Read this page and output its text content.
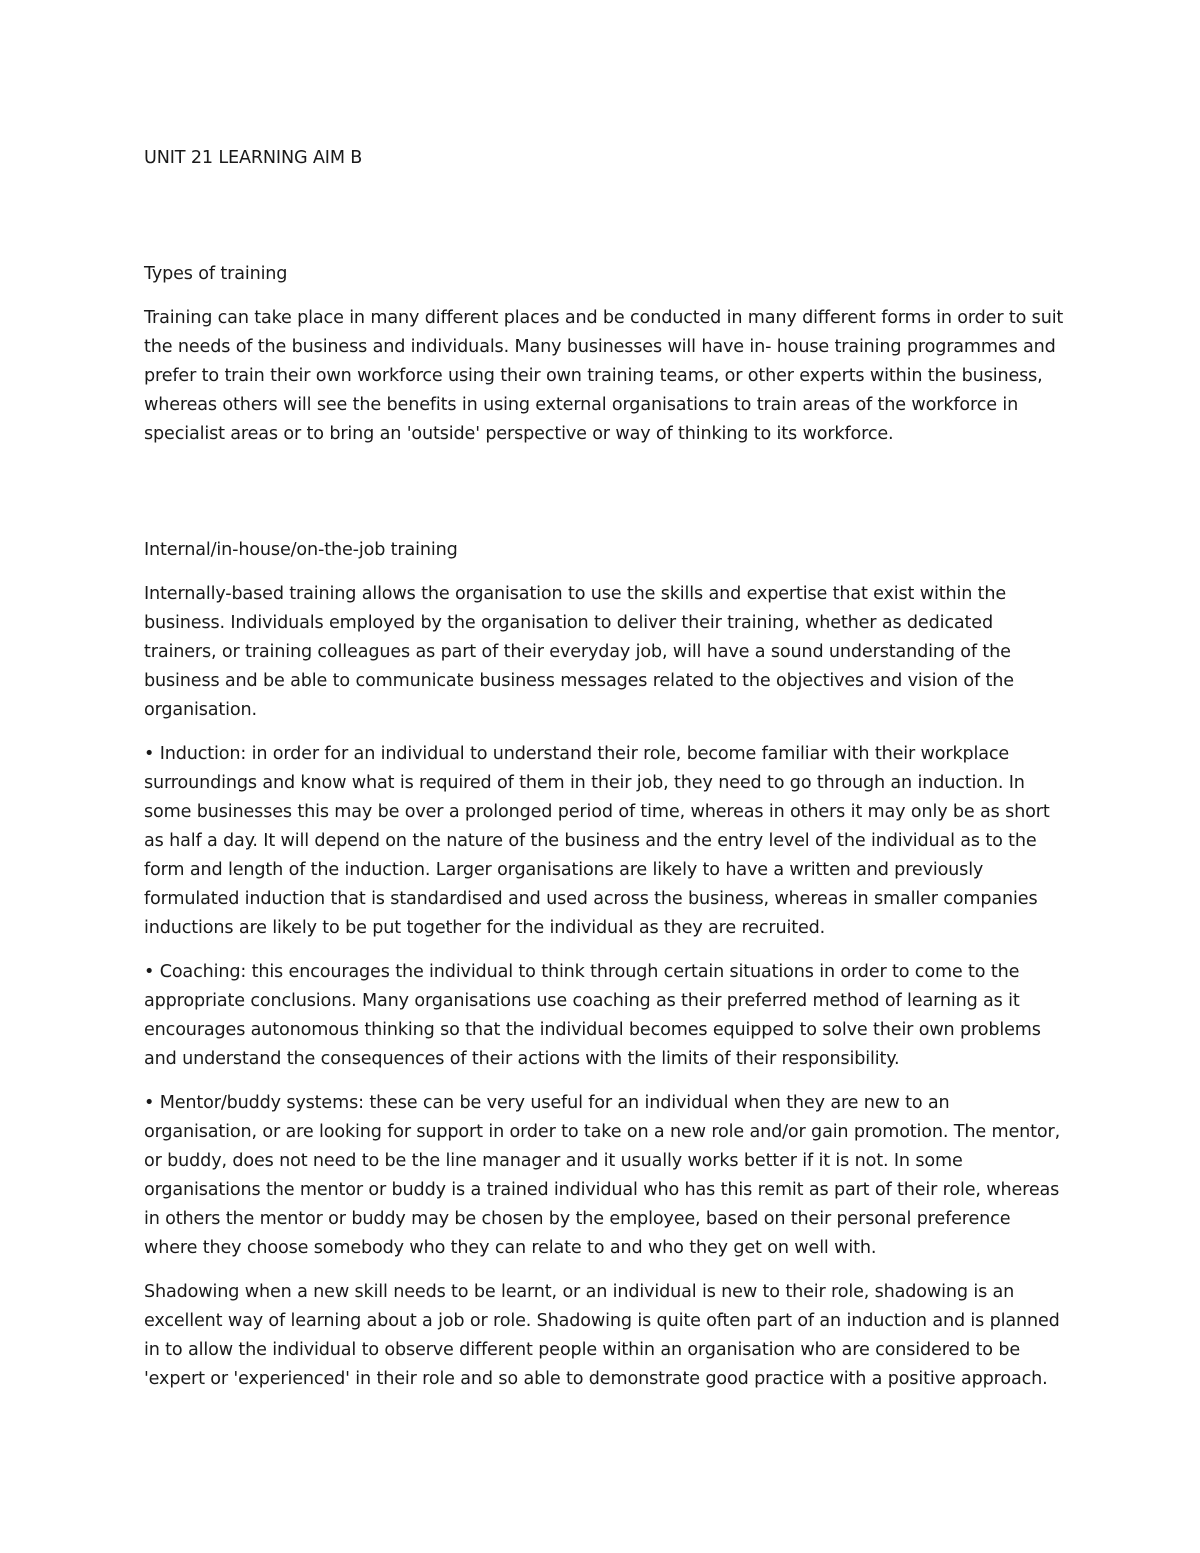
UNIT 21 LEARNING AIM B
Types of training

Training can take place in many different places and be conducted in many different forms in order to suit the needs of the business and individuals. Many businesses will have in- house training programmes and prefer to train their own workforce using their own training teams, or other experts within the business, whereas others will see the benefits in using external organisations to train areas of the workforce in specialist areas or to bring an 'outside' perspective or way of thinking to its workforce.

Internal/in-house/on-the-job training

Internally-based training allows the organisation to use the skills and expertise that exist within the business. Individuals employed by the organisation to deliver their training, whether as dedicated trainers, or training colleagues as part of their everyday job, will have a sound understanding of the business and be able to communicate business messages related to the objectives and vision of the organisation.

• Induction: in order for an individual to understand their role, become familiar with their workplace surroundings and know what is required of them in their job, they need to go through an induction. In some businesses this may be over a prolonged period of time, whereas in others it may only be as short as half a day. It will depend on the nature of the business and the entry level of the individual as to the form and length of the induction. Larger organisations are likely to have a written and previously formulated induction that is standardised and used across the business, whereas in smaller companies inductions are likely to be put together for the individual as they are recruited.

• Coaching: this encourages the individual to think through certain situations in order to come to the appropriate conclusions. Many organisations use coaching as their preferred method of learning as it encourages autonomous thinking so that the individual becomes equipped to solve their own problems and understand the consequences of their actions with the limits of their responsibility.

• Mentor/buddy systems: these can be very useful for an individual when they are new to an organisation, or are looking for support in order to take on a new role and/or gain promotion. The mentor, or buddy, does not need to be the line manager and it usually works better if it is not. In some organisations the mentor or buddy is a trained individual who has this remit as part of their role, whereas in others the mentor or buddy may be chosen by the employee, based on their personal preference where they choose somebody who they can relate to and who they get on well with.

Shadowing when a new skill needs to be learnt, or an individual is new to their role, shadowing is an excellent way of learning about a job or role. Shadowing is quite often part of an induction and is planned in to allow the individual to observe different people within an organisation who are considered to be 'expert or 'experienced' in their role and so able to demonstrate good practice with a positive approach.
